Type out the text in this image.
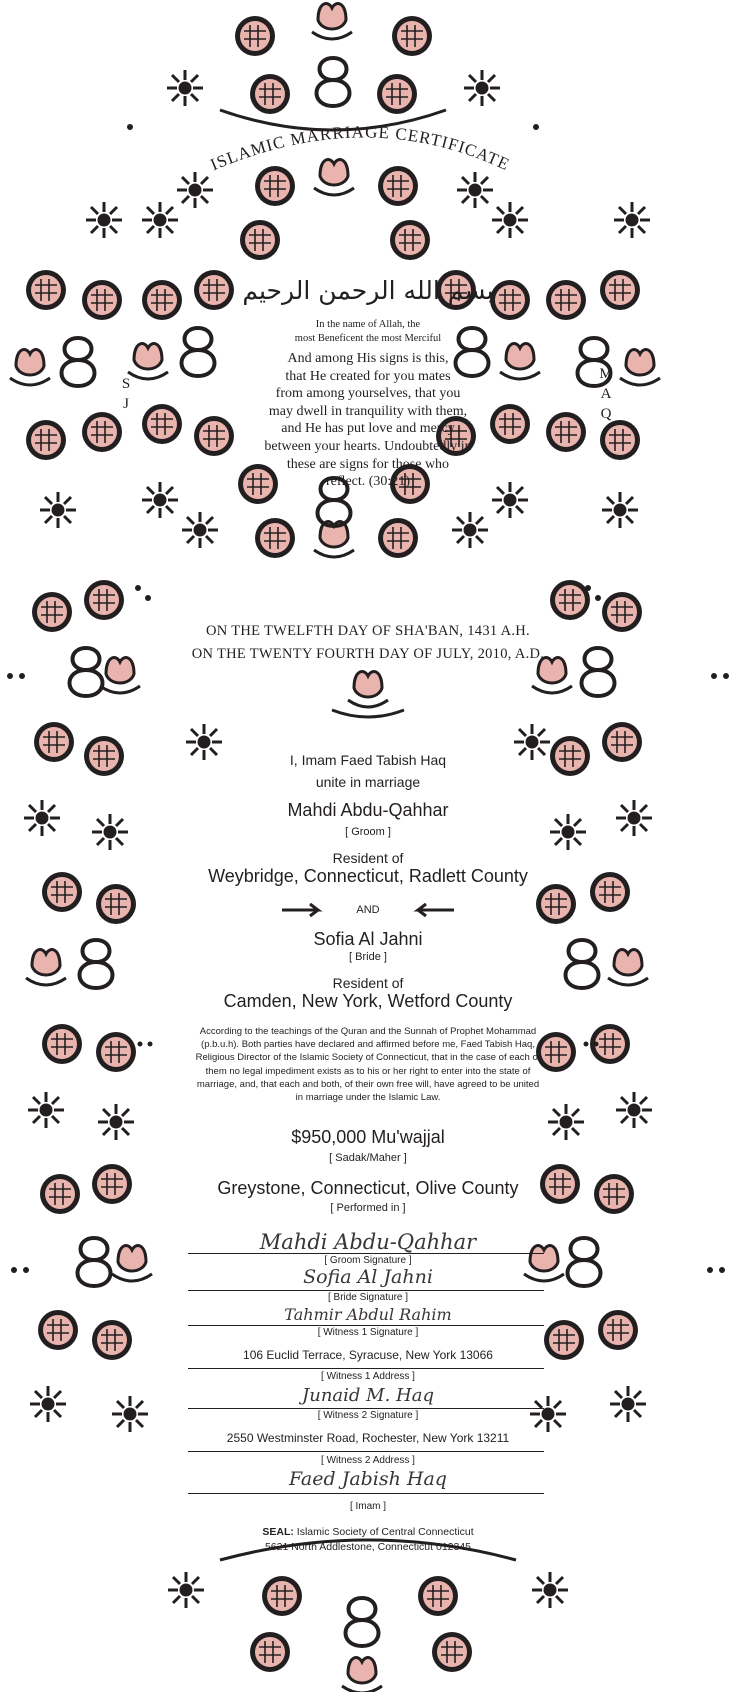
ISLAMIC MARRIAGE CERTIFICATE
S
J
M
A
Q
بسم الله الرحمن الرحيم
In the name of Allah, the
most Beneficent the most Merciful
And among His signs is this,
that He created for you mates
from among yourselves, that you
may dwell in tranquility with them,
and He has put love and mercy
between your hearts. Undoubtedly in
these are signs for those who
reflect. (30:21)
ON THE TWELFTH DAY OF SHA'BAN, 1431 A.H.
ON THE TWENTY FOURTH DAY OF JULY, 2010, A.D.
I, Imam Faed Tabish Haq
unite in marriage
Mahdi Abdu-Qahhar
[ Groom ]
Resident of
Weybridge, Connecticut, Radlett County
AND
Sofia Al Jahni
[ Bride ]
Resident of
Camden, New York, Wetford County
According to the teachings of the Quran and the Sunnah of Prophet Mohammad
(p.b.u.h). Both parties have declared and affirmed before me, Faed Tabish Haq,
Religious Director of the Islamic Society of Connecticut, that in the case of each of
them no legal impediment exists as to his or her right to enter into the state of
marriage, and, that each and both, of their own free will, have agreed to be united
in marriage under the Islamic Law.
$950,000 Mu'wajjal
[ Sadak/Maher ]
Greystone, Connecticut, Olive County
[ Performed in ]
Mahdi Abdu-Qahhar
[ Groom Signature ]
Sofia Al Jahni
[ Bride Signature ]
Tahmir Abdul Rahim
[ Witness 1 Signature ]
106 Euclid Terrace, Syracuse, New York 13066
[ Witness 1 Address ]
Junaid M. Haq
[ Witness 2 Signature ]
2550 Westminster Road, Rochester, New York 13211
[ Witness 2 Address ]
Faed Jabish Haq
[ Imam ]
SEAL: Islamic Society of Central Connecticut
5621 North Addlestone, Connecticut 012345
